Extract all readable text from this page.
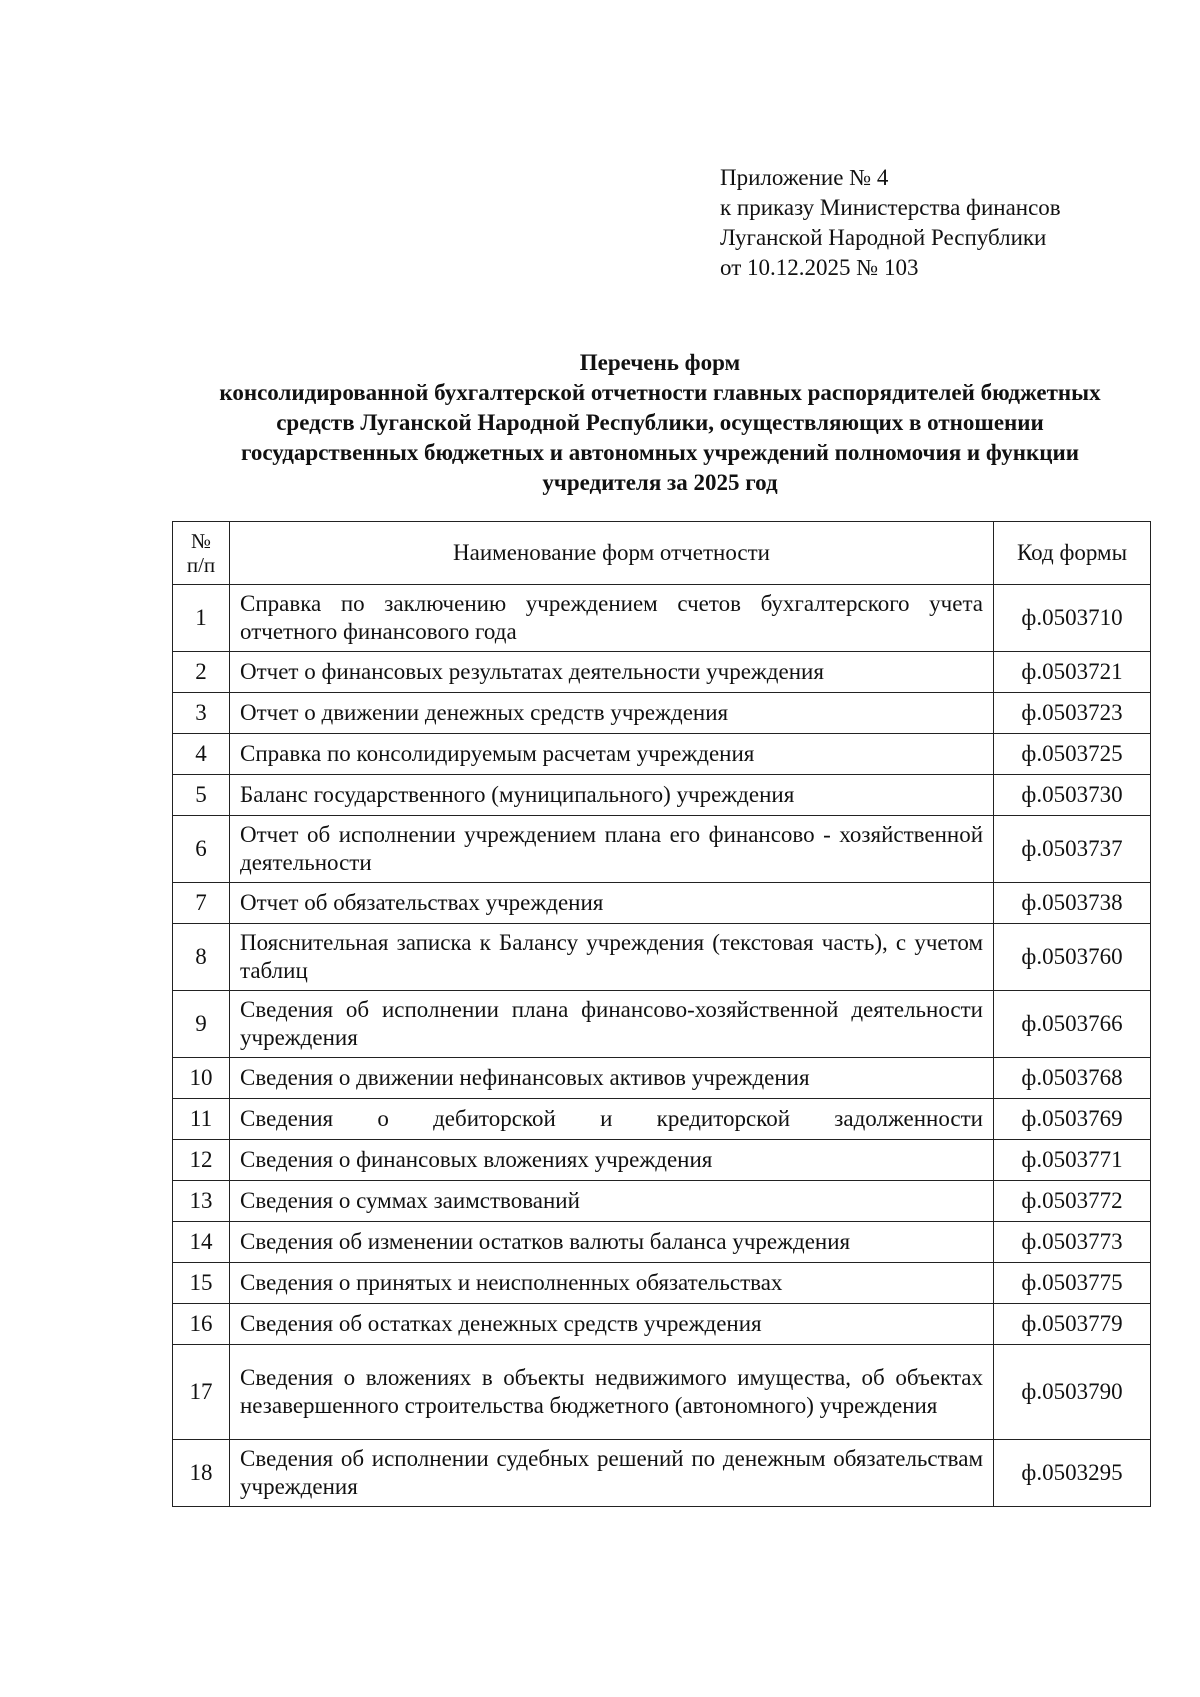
Приложение № 4
к приказу Министерства финансов
Луганской Народной Республики
от 10.12.2025 № 103
Перечень форм
консолидированной бухгалтерской отчетности главных распорядителей бюджетных
средств Луганской Народной Республики, осуществляющих в отношении
государственных бюджетных и автономных учреждений полномочия и функции
учредителя за 2025 год
№
п/п	Наименование форм отчетности	Код формы
1	Справка по заключению учреждением счетов бухгалтерского учета отчетного финансового года	ф.0503710
2	Отчет о финансовых результатах деятельности учреждения	ф.0503721
3	Отчет о движении денежных средств учреждения	ф.0503723
4	Справка по консолидируемым расчетам учреждения	ф.0503725
5	Баланс государственного (муниципального) учреждения	ф.0503730
6	Отчет об исполнении учреждением плана его финансово - хозяйственной деятельности	ф.0503737
7	Отчет об обязательствах учреждения	ф.0503738
8	Пояснительная записка к Балансу учреждения (текстовая часть), с учетом таблиц	ф.0503760
9	Сведения об исполнении плана финансово-хозяйственной деятельности учреждения	ф.0503766
10	Сведения о движении нефинансовых активов учреждения	ф.0503768
11	Сведения о дебиторской и кредиторской задолженности	ф.0503769
12	Сведения о финансовых вложениях учреждения	ф.0503771
13	Сведения о суммах заимствований	ф.0503772
14	Сведения об изменении остатков валюты баланса учреждения	ф.0503773
15	Сведения о принятых и неисполненных обязательствах	ф.0503775
16	Сведения об остатках денежных средств учреждения	ф.0503779
17	Сведения о вложениях в объекты недвижимого имущества, об объектах незавершенного строительства бюджетного (автономного) учреждения	ф.0503790
18	Сведения об исполнении судебных решений по денежным обязательствам учреждения	ф.0503295
